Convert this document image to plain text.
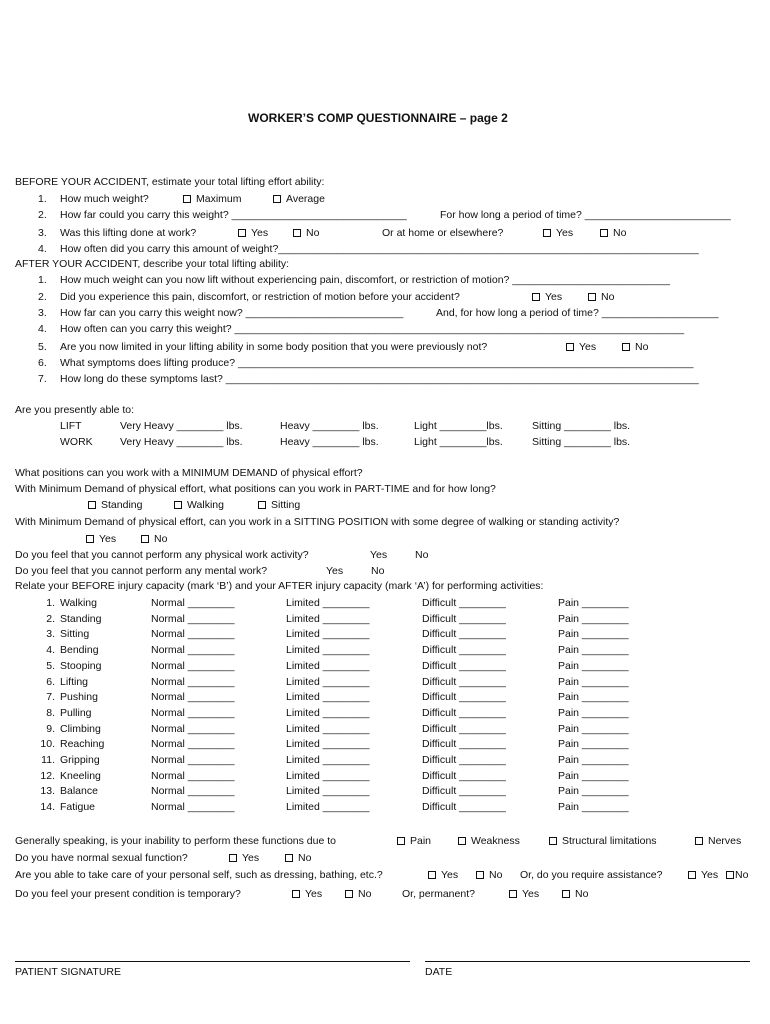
WORKER’S COMP QUESTIONNAIRE – page 2
BEFORE YOUR ACCIDENT, estimate your total lifting effort ability:
1. How much weight?	Maximum	Average
2. How far could you carry this weight? ______________________________	For how long a period of time? _________________________
3. Was this lifting done at work?	Yes	No	Or at home or elsewhere?	Yes	No
4. How often did you carry this amount of weight?________________________________________________________________________
AFTER YOUR ACCIDENT, describe your total lifting ability:
1. How much weight can you now lift without experiencing pain, discomfort, or restriction of motion? ___________________________
2. Did you experience this pain, discomfort, or restriction of motion before your accident?	Yes	No
3. How far can you carry this weight now? ___________________________	And, for how long a period of time? ____________________
4. How often can you carry this weight? _____________________________________________________________________________
5. Are you now limited in your lifting ability in some body position that you were previously not?	Yes	No
6. What symptoms does lifting produce? ______________________________________________________________________________
7. How long do these symptoms last? _________________________________________________________________________________
Are you presently able to:
LIFT	Very Heavy ________ lbs.	Heavy ________ lbs.	Light ________lbs.	Sitting ________ lbs.
WORK	Very Heavy ________ lbs.	Heavy ________ lbs.	Light ________lbs.	Sitting ________ lbs.
What positions can you work with a MINIMUM DEMAND of physical effort?
With Minimum Demand of physical effort, what positions can you work in PART-TIME and for how long?
Standing	Walking	Sitting
With Minimum Demand of physical effort, can you work in a SITTING POSITION with some degree of walking or standing activity?
Yes	No
Do you feel that you cannot perform any physical work activity?	Yes	No
Do you feel that you cannot perform any mental work?	Yes	No
Relate your BEFORE injury capacity (mark ‘B’) and your AFTER injury capacity (mark ‘A’) for performing activities:
1. Walking	Normal ________	Limited ________	Difficult ________	Pain ________
2. Standing	Normal ________	Limited ________	Difficult ________	Pain ________
3. Sitting	Normal ________	Limited ________	Difficult ________	Pain ________
4. Bending	Normal ________	Limited ________	Difficult ________	Pain ________
5. Stooping	Normal ________	Limited ________	Difficult ________	Pain ________
6. Lifting	Normal ________	Limited ________	Difficult ________	Pain ________
7. Pushing	Normal ________	Limited ________	Difficult ________	Pain ________
8. Pulling	Normal ________	Limited ________	Difficult ________	Pain ________
9. Climbing	Normal ________	Limited ________	Difficult ________	Pain ________
10. Reaching	Normal ________	Limited ________	Difficult ________	Pain ________
11. Gripping	Normal ________	Limited ________	Difficult ________	Pain ________
12. Kneeling	Normal ________	Limited ________	Difficult ________	Pain ________
13. Balance	Normal ________	Limited ________	Difficult ________	Pain ________
14. Fatigue	Normal ________	Limited ________	Difficult ________	Pain ________
Generally speaking, is your inability to perform these functions due to	Pain	Weakness	Structural limitations	Nerves
Do you have normal sexual function?	Yes	No
Are you able to take care of your personal self, such as dressing, bathing, etc.?	Yes	No Or, do you require assistance?	Yes	No
Do you feel your present condition is temporary?	Yes	No	Or, permanent?	Yes	No
PATIENT SIGNATURE	DATE
